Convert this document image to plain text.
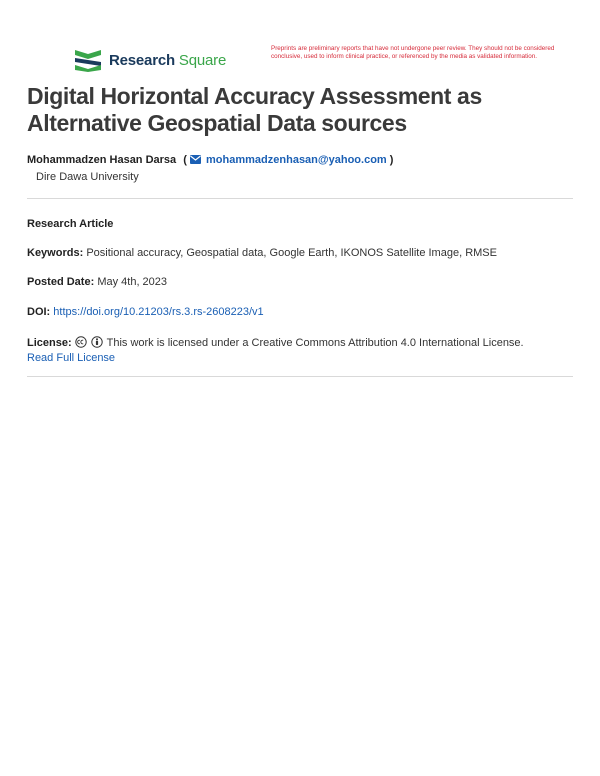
Research Square
Preprints are preliminary reports that have not undergone peer review. They should not be considered conclusive, used to inform clinical practice, or referenced by the media as validated information.
Digital Horizontal Accuracy Assessment as Alternative Geospatial Data sources
Mohammadzen Hasan Darsa ( mohammadzenhasan@yahoo.com )
Dire Dawa University
Research Article
Keywords: Positional accuracy, Geospatial data, Google Earth, IKONOS Satellite Image, RMSE
Posted Date: May 4th, 2023
DOI: https://doi.org/10.21203/rs.3.rs-2608223/v1
License:	This work is licensed under a Creative Commons Attribution 4.0 International License.
Read Full License
